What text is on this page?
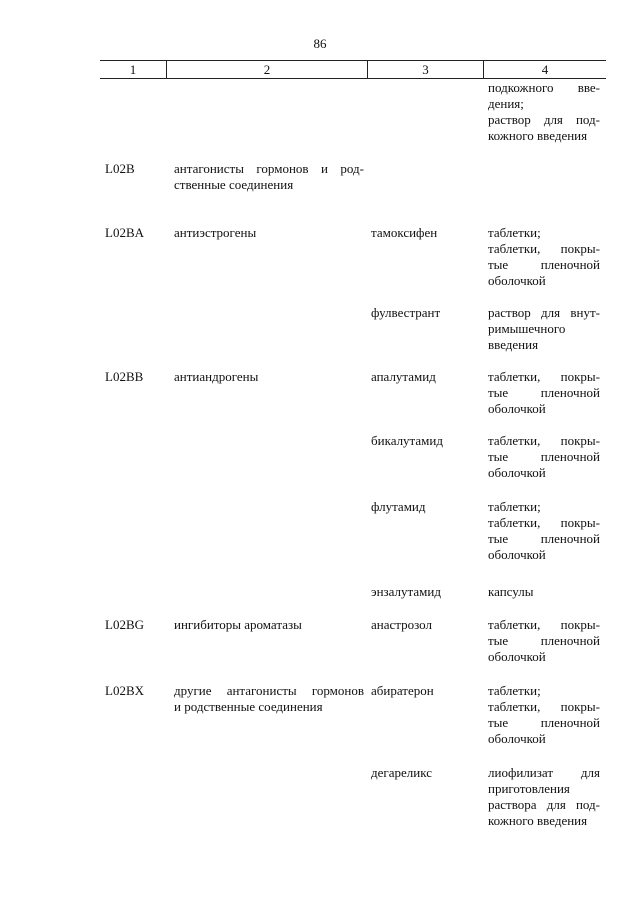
86
1	2	3	4
подкожного вве-
дения;
раствор для под-
кожного введения
L02B	антагонисты гормонов и род-
ственные соединения
L02BA	антиэстрогены	тамоксифен	таблетки;
таблетки, покры-
тые пленочной
оболочкой
фулвестрант	раствор для внут-
римышечного
введения
L02BB	антиандрогены	апалутамид	таблетки, покры-
тые пленочной
оболочкой
бикалутамид	таблетки, покры-
тые пленочной
оболочкой
флутамид	таблетки;
таблетки, покры-
тые пленочной
оболочкой
энзалутамид	капсулы
L02BG	ингибиторы ароматазы	анастрозол	таблетки, покры-
тые пленочной
оболочкой
L02BX	другие антагонисты гормонов
и родственные соединения
абиратерон	таблетки;
таблетки, покры-
тые пленочной
оболочкой
дегареликс	лиофилизат для
приготовления
раствора для под-
кожного введения
